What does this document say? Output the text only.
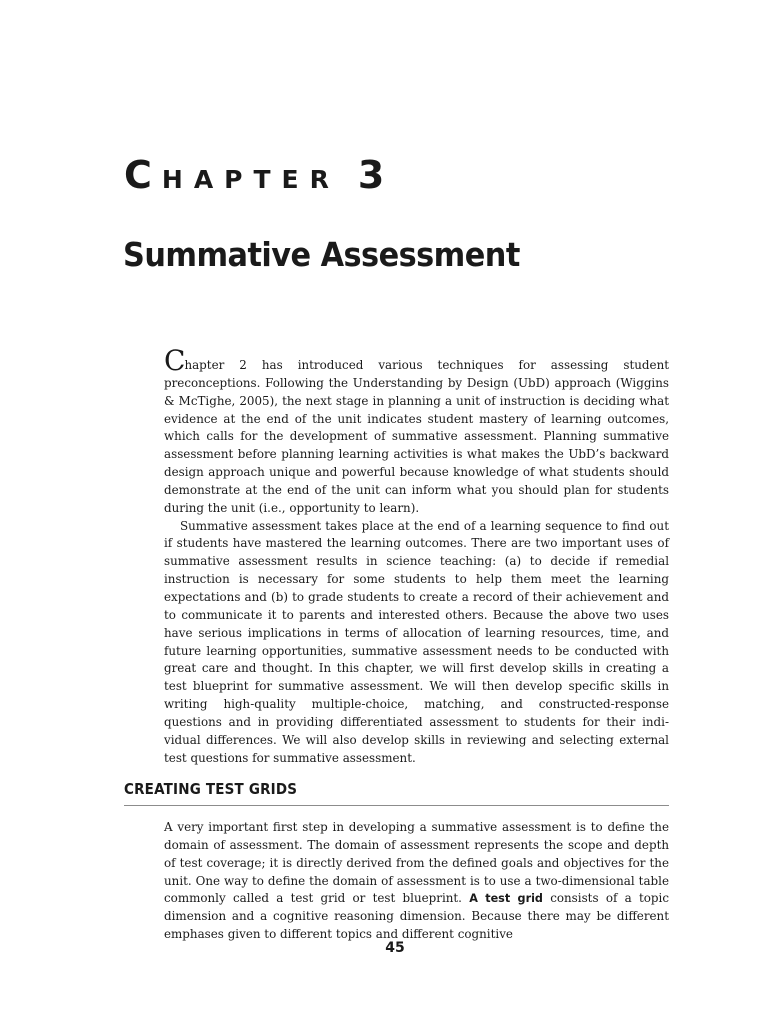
CHAPTER 3
Summative Assessment

Chapter 2 has introduced various techniques for assessing student preconceptions. Following the Understanding by Design (UbD) approach (Wiggins & McTighe, 2005), the next stage in planning a unit of instruction is deciding what evidence at the end of the unit indicates student mastery of learning outcomes, which calls for the development of summative assessment. Planning summative assessment before planning learning activities is what makes the UbD’s backward design approach unique and powerful because knowledge of what students should demonstrate at the end of the unit can inform what you should plan for students during the unit (i.e., opportunity to learn).

Summative assessment takes place at the end of a learning sequence to find out if students have mastered the learning outcomes. There are two important uses of summative assessment results in science teaching: (a) to decide if remedial instruction is necessary for some students to help them meet the learning expectations and (b) to grade students to create a record of their achievement and to communicate it to parents and interested others. Because the above two uses have serious implications in terms of allocation of learning resources, time, and future learning opportunities, summative assessment needs to be conducted with great care and thought. In this chapter, we will first develop skills in creating a test blueprint for summative assessment. We will then develop specific skills in writing high-quality multiple-choice, matching, and constructed-response questions and in providing differentiated assessment to students for their individual differences. We will also develop skills in reviewing and selecting external test questions for summative assessment.

CREATING TEST GRIDS

A very important first step in developing a summative assessment is to define the domain of assessment. The domain of assessment represents the scope and depth of test coverage; it is directly derived from the defined goals and objectives for the unit. One way to define the domain of assessment is to use a two-dimensional table commonly called a test grid or test blueprint. A test grid consists of a topic dimension and a cognitive reasoning dimension. Because there may be different emphases given to different topics and different cognitive

45
